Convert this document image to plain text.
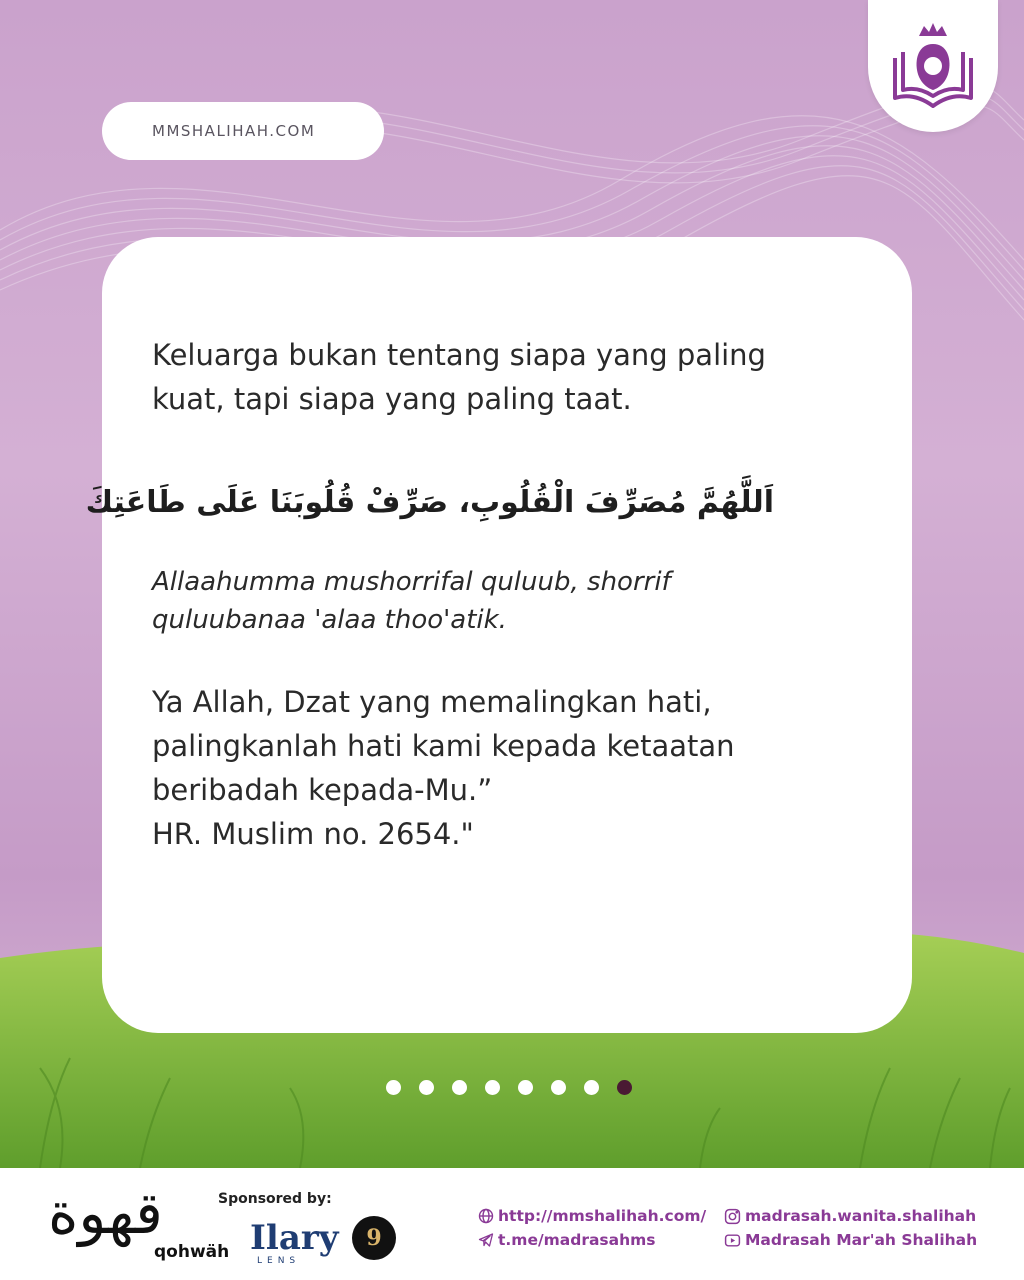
MMSHALIHAH.COM
Keluarga bukan tentang siapa yang paling kuat, tapi siapa yang paling taat.
اَللَّهُمَّ مُصَرِّفَ الْقُلُوبِ، صَرِّفْ قُلُوبَنَا عَلَى طَاعَتِكَ
Allaahumma mushorrifal quluub, shorrif quluubanaa 'alaa thoo'atik.
Ya Allah, Dzat yang memalingkan hati,
palingkanlah hati kami kepada ketaatan
beribadah kepada-Mu.”
HR. Muslim no. 2654."
قهوة
qohwäh
Sponsored by:
Ilary
LENS
9
http://mmshalihah.com/
t.me/madrasahms
madrasah.wanita.shalihah
Madrasah Mar'ah Shalihah
